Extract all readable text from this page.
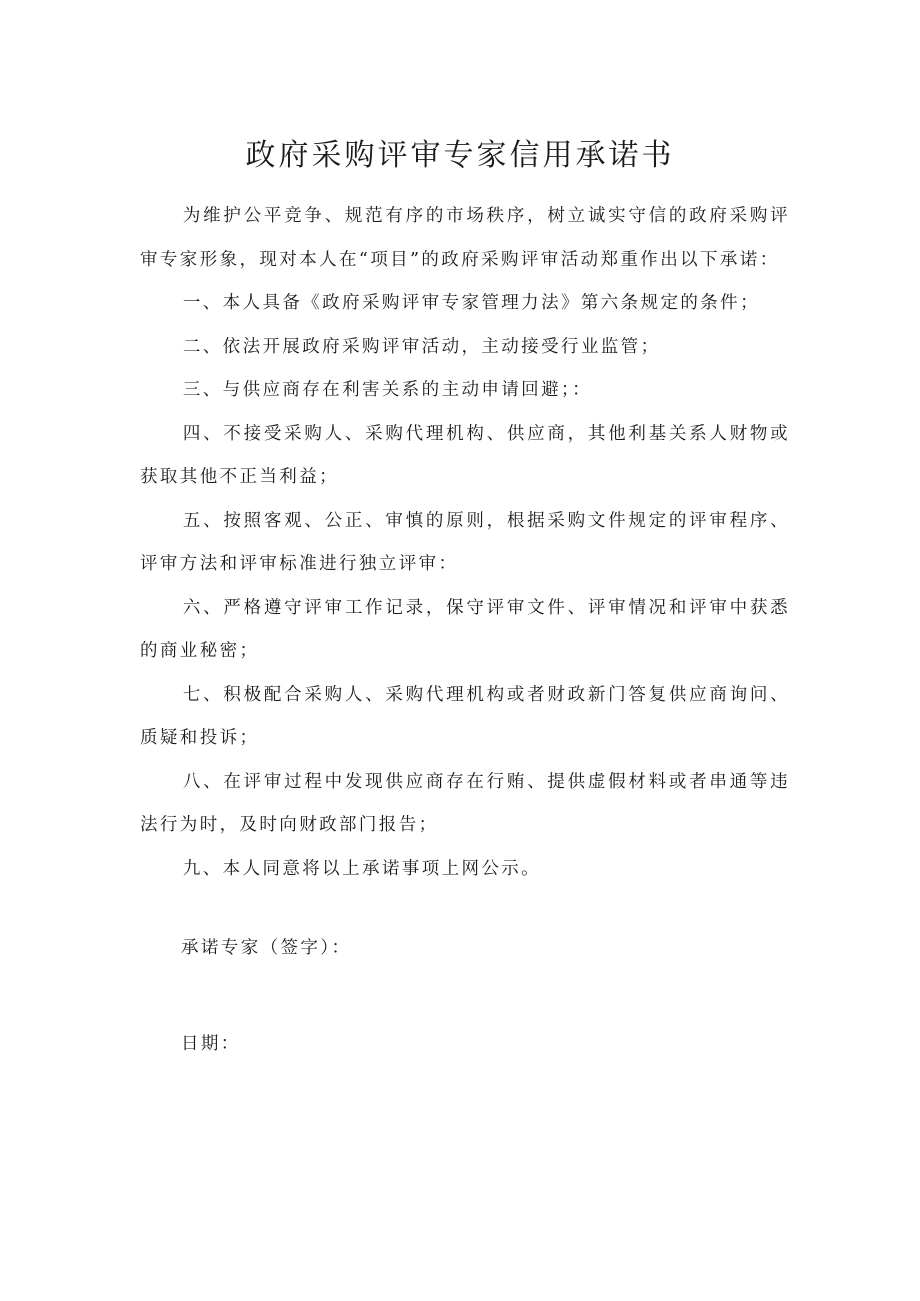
政府采购评审专家信用承诺书

为维护公平竞争、规范有序的市场秩序，树立诚实守信的政府采购评审专家形象，现对本人在“项目”的政府采购评审活动郑重作出以下承诺：

一、本人具备《政府采购评审专家管理力法》第六条规定的条件；

二、依法开展政府采购评审活动，主动接受行业监管；

三、与供应商存在利害关系的主动申请回避；：

四、不接受采购人、采购代理机构、供应商，其他利基关系人财物或获取其他不正当利益；

五、按照客观、公正、审慎的原则，根据采购文件规定的评审程序、评审方法和评审标准进行独立评审：

六、严格遵守评审工作记录，保守评审文件、评审情况和评审中获悉的商业秘密；

七、积极配合采购人、采购代理机构或者财政新门答复供应商询问、质疑和投诉；

八、在评审过程中发现供应商存在行贿、提供虚假材料或者串通等违法行为时，及时向财政部门报告；

九、本人同意将以上承诺事项上网公示。

承诺专家（签字）：

日期：
